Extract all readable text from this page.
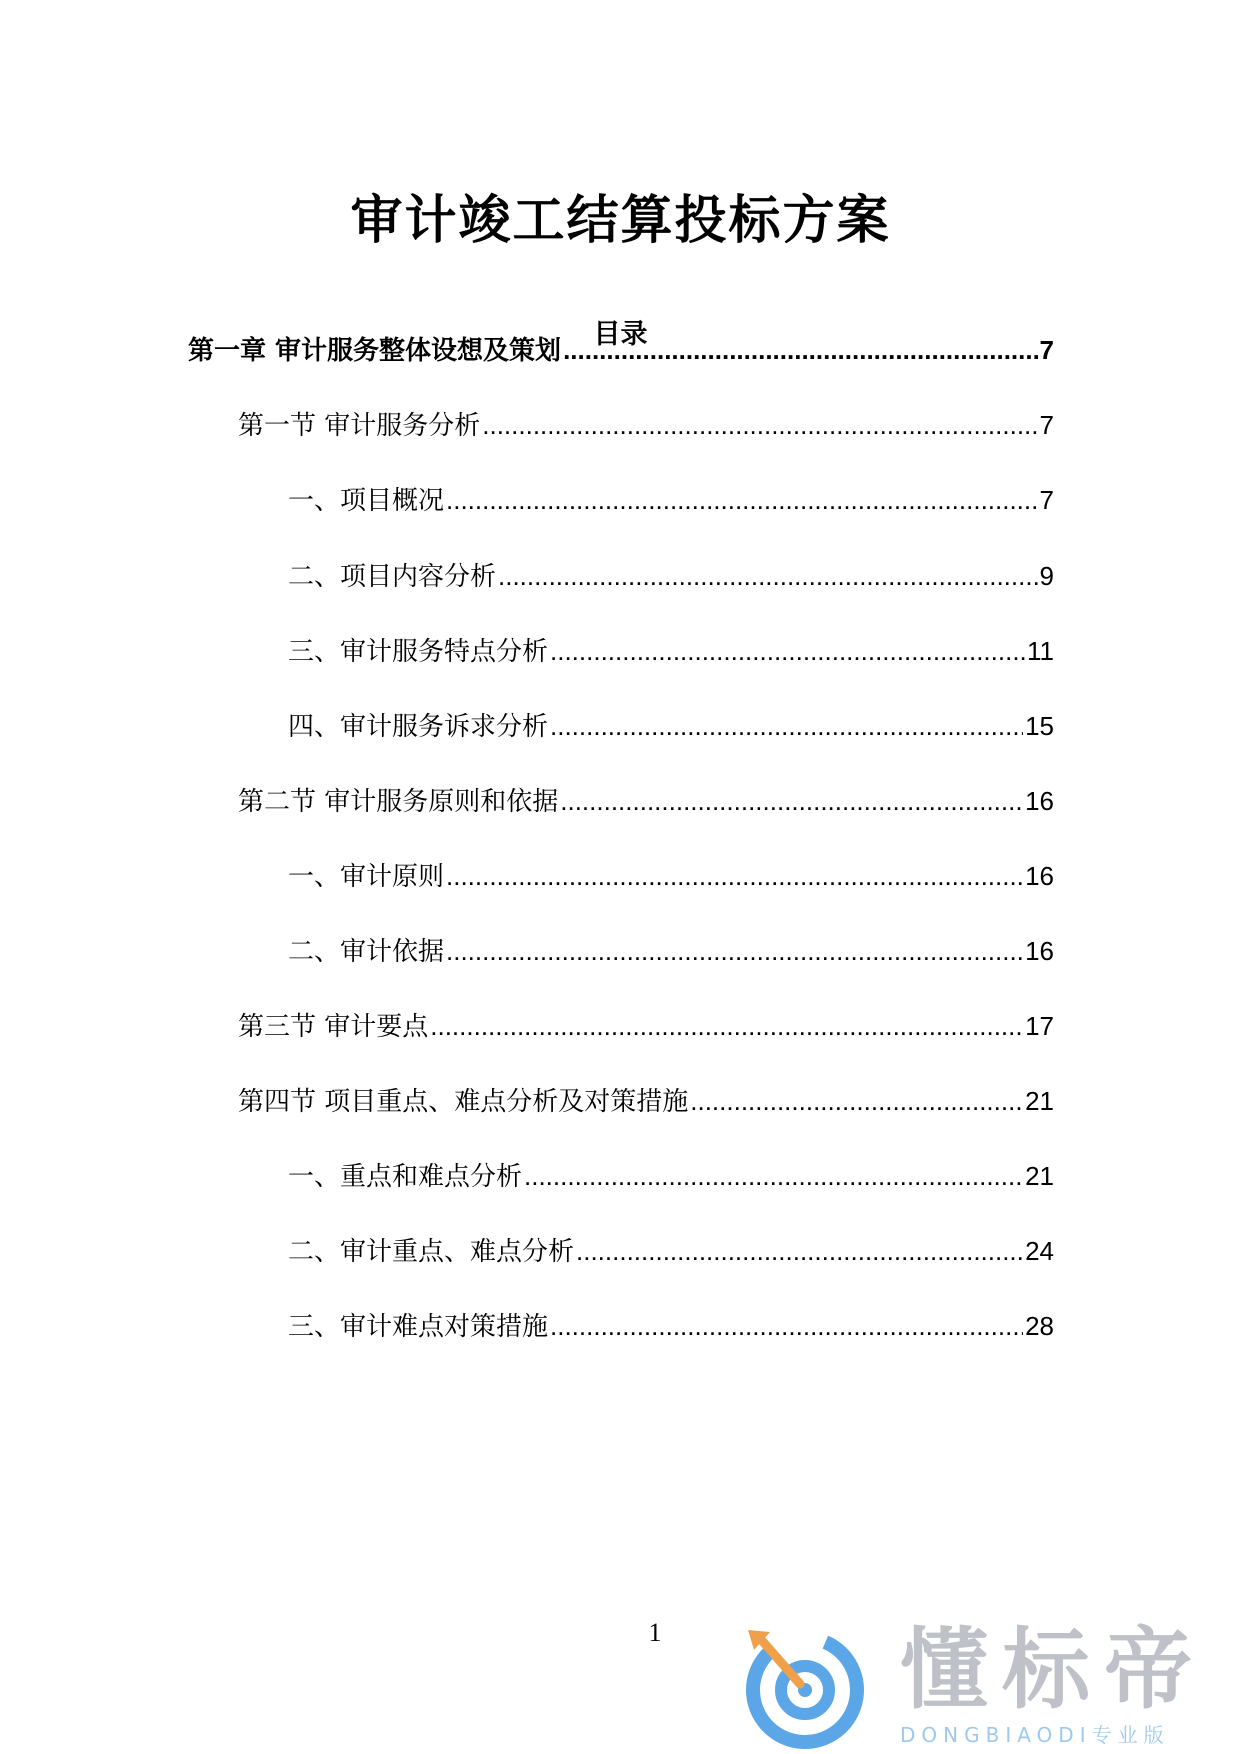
审计竣工结算投标方案
目录
第一章 审计服务整体设想及策划 .....	7
第一节 审计服务分析 .....	7
一、项目概况 .....	7
二、项目内容分析 .....	9
三、审计服务特点分析 .....	11
四、审计服务诉求分析 .....	15
第二节 审计服务原则和依据 .....	16
一、审计原则 .....	16
二、审计依据 .....	16
第三节 审计要点 .....	17
第四节 项目重点、难点分析及对策措施 .....	21
一、重点和难点分析 .....	21
二、审计重点、难点分析 .....	24
三、审计难点对策措施 .....	28
1	懂标帝
DONGBIAODI专业版
